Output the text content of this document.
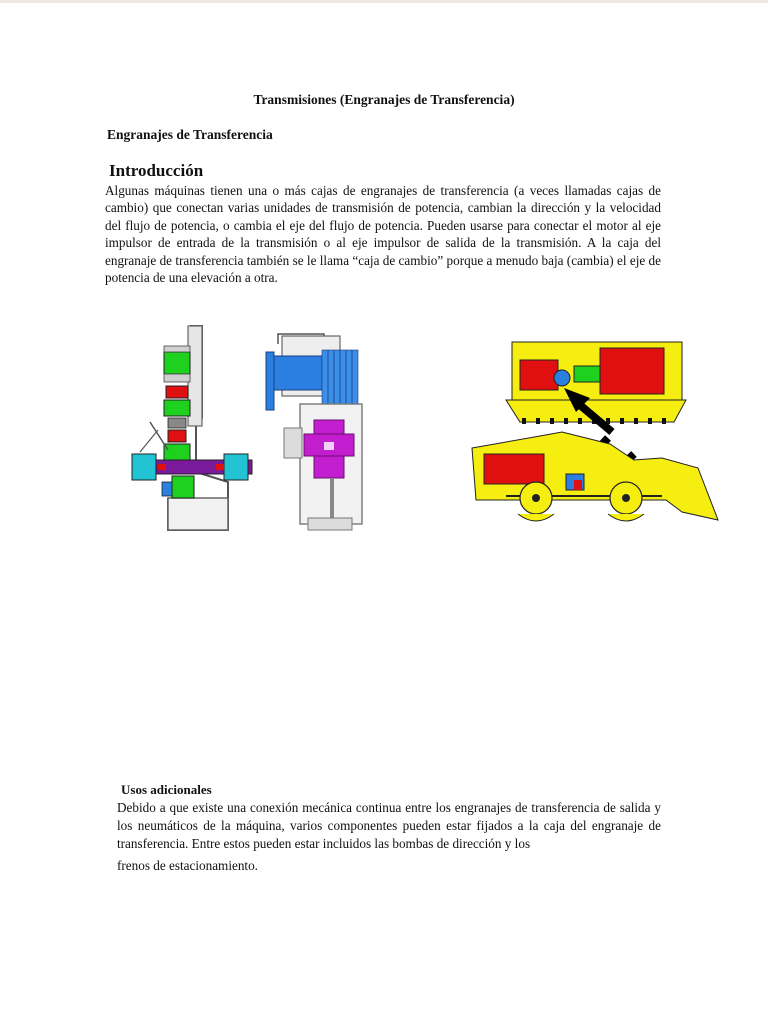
Transmisiones (Engranajes de Transferencia)
Engranajes de Transferencia
Introducción

Algunas máquinas tienen una o más cajas de engranajes de transferencia (a veces llamadas cajas de cambio) que conectan varias unidades de transmisión de potencia, cambian la dirección y la velocidad del flujo de potencia, o cambia el eje del flujo de potencia. Pueden usarse para conectar el motor al eje impulsor de entrada de la transmisión o al eje impulsor de salida de la transmisión. A la caja del engranaje de transferencia también se le llama “caja de cambio” porque a menudo baja (cambia) el eje de potencia de una elevación a otra.

Usos adicionales

Debido a que existe una conexión mecánica continua entre los engranajes de transferencia de salida y los neumáticos de la máquina, varios componentes pueden estar fijados a la caja del engranaje de transferencia. Entre estos pueden estar incluidos las bombas de dirección y los
frenos de estacionamiento.
